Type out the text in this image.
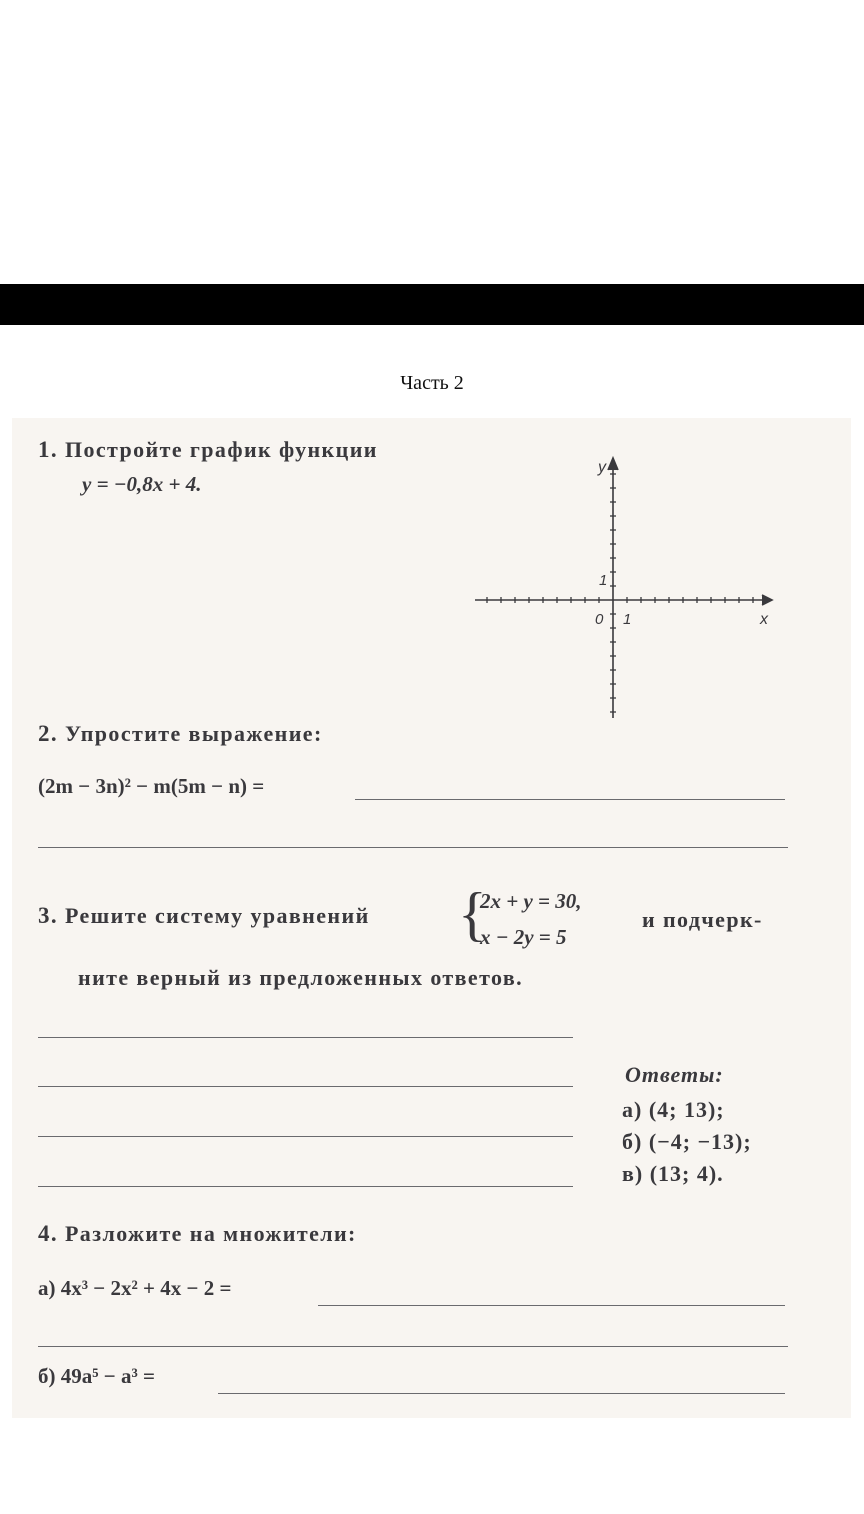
Часть 2
1. Постройте график функции
y = −0,8x + 4.
y
x
0 1
1
2. Упростите выражение:
(2m − 3n)² − m(5m − n) =
3. Решите систему уравнений {
2x + y = 30,
x − 2y = 5
и подчерк-
ните верный из предложенных ответов.
Ответы:
а) (4; 13);
б) (−4; −13);
в) (13; 4).
4. Разложите на множители:
а) 4x³ − 2x² + 4x − 2 =
б) 49a⁵ − a³ =
